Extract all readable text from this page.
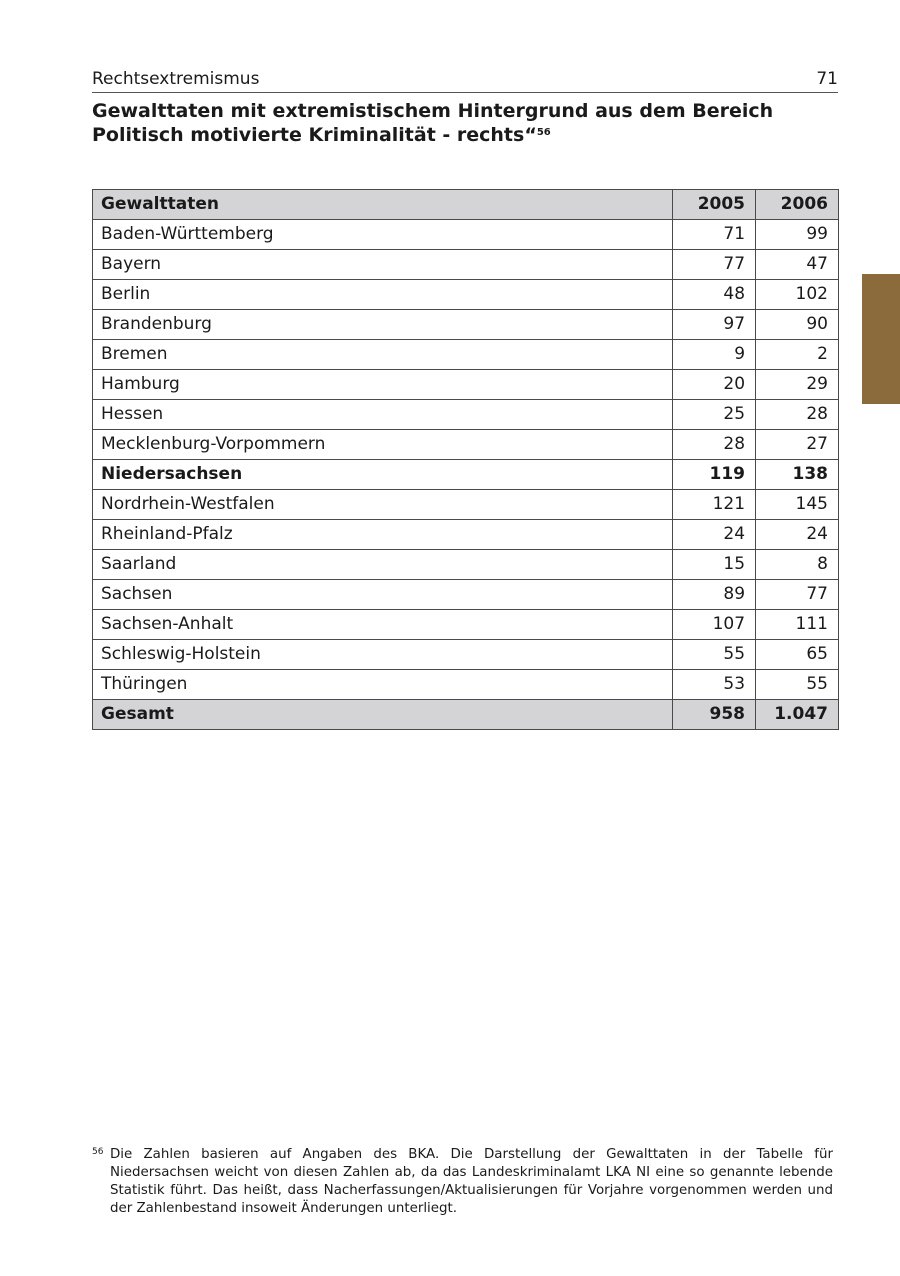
Rechtsextremismus	71
Gewalttaten mit extremistischem Hintergrund aus dem Bereich
Politisch motivierte Kriminalität - rechts“$^{56}$
Gewalttaten	2005	2006
Baden-Württemberg	71	99
Bayern	77	47
Berlin	48	102
Brandenburg	97	90
Bremen	9	2
Hamburg	20	29
Hessen	25	28
Mecklenburg-Vorpommern	28	27
Niedersachsen	119	138
Nordrhein-Westfalen	121	145
Rheinland-Pfalz	24	24
Saarland	15	8
Sachsen	89	77
Sachsen-Anhalt	107	111
Schleswig-Holstein	55	65
Thüringen	53	55
Gesamt	958	1.047
56 Die Zahlen basieren auf Angaben des BKA. Die Darstellung der Gewalttaten in der Tabelle für Niedersachsen weicht von diesen Zahlen ab, da das Landeskriminalamt LKA NI eine so genannte lebende Statistik führt. Das heißt, dass Nacherfassungen/Aktualisierungen für Vorjahre vorgenommen werden und der Zahlenbestand insoweit Änderungen unterliegt.
